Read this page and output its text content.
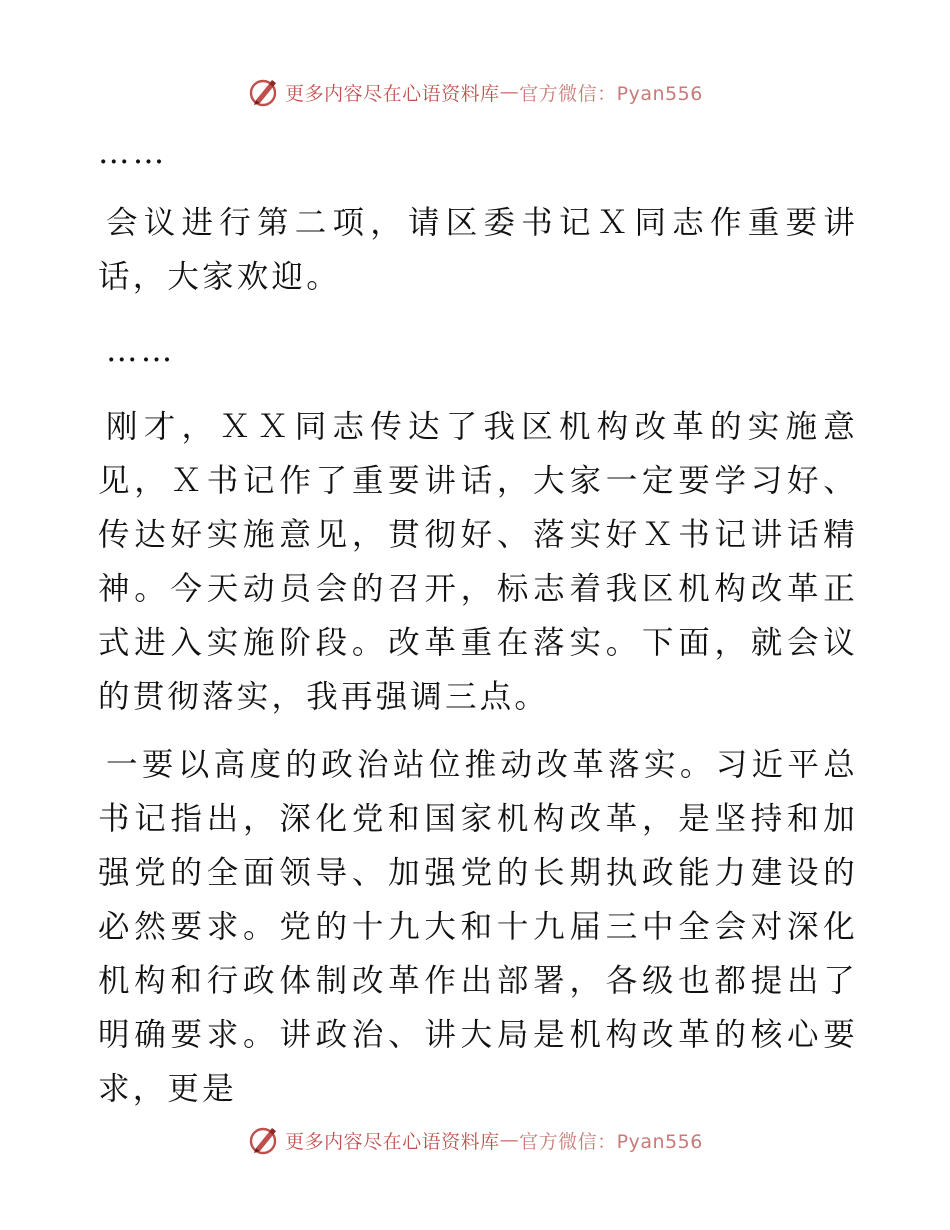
更多内容尽在心语资料库 — 官方微信：Pyan556

……

会议进行第二项，请区委书记Ｘ同志作重要讲话，大家欢迎。

……

刚才，ＸＸ同志传达了我区机构改革的实施意见，Ｘ书记作了重要讲话，大家一定要学习好、传达好实施意见，贯彻好、落实好Ｘ书记讲话精神。今天动员会的召开，标志着我区机构改革正式进入实施阶段。改革重在落实。下面，就会议的贯彻落实，我再强调三点。

一要以高度的政治站位推动改革落实。习近平总书记指出，深化党和国家机构改革，是坚持和加强党的全面领导、加强党的长期执政能力建设的必然要求。党的十九大和十九届三中全会对深化机构和行政体制改革作出部署，各级也都提出了明确要求。讲政治、讲大局是机构改革的核心要求，更是

更多内容尽在心语资料库 — 官方微信：Pyan556
